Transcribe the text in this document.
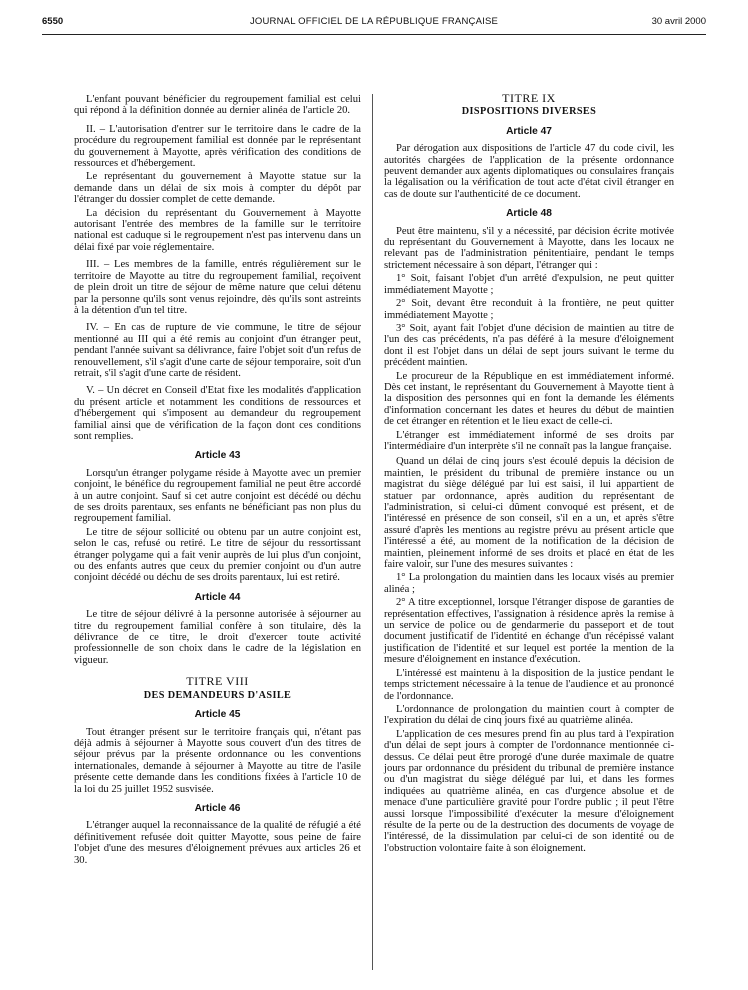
6550	JOURNAL OFFICIEL DE LA RÉPUBLIQUE FRANÇAISE	30 avril 2000

L'enfant pouvant bénéficier du regroupement familial est celui qui répond à la définition donnée au dernier alinéa de l'article 20.

II. – L'autorisation d'entrer sur le territoire dans le cadre de la procédure du regroupement familial est donnée par le représentant du gouvernement à Mayotte, après vérification des conditions de ressources et d'hébergement.

Le représentant du gouvernement à Mayotte statue sur la demande dans un délai de six mois à compter du dépôt par l'étranger du dossier complet de cette demande.

La décision du représentant du Gouvernement à Mayotte autorisant l'entrée des membres de la famille sur le territoire national est caduque si le regroupement n'est pas intervenu dans un délai fixé par voie réglementaire.

III. – Les membres de la famille, entrés régulièrement sur le territoire de Mayotte au titre du regroupement familial, reçoivent de plein droit un titre de séjour de même nature que celui détenu par la personne qu'ils sont venus rejoindre, dès qu'ils sont astreints à la détention d'un tel titre.

IV. – En cas de rupture de vie commune, le titre de séjour mentionné au III qui a été remis au conjoint d'un étranger peut, pendant l'année suivant sa délivrance, faire l'objet soit d'un refus de renouvellement, s'il s'agit d'une carte de séjour temporaire, soit d'un retrait, s'il s'agit d'une carte de résident.

V. – Un décret en Conseil d'Etat fixe les modalités d'application du présent article et notamment les conditions de ressources et d'hébergement qui s'imposent au demandeur du regroupement familial ainsi que de vérification de la façon dont ces conditions sont remplies.

Article 43

Lorsqu'un étranger polygame réside à Mayotte avec un premier conjoint, le bénéfice du regroupement familial ne peut être accordé à un autre conjoint. Sauf si cet autre conjoint est décédé ou déchu de ses droits parentaux, ses enfants ne bénéficiant pas non plus du regroupement familial.

Le titre de séjour sollicité ou obtenu par un autre conjoint est, selon le cas, refusé ou retiré. Le titre de séjour du ressortissant étranger polygame qui a fait venir auprès de lui plus d'un conjoint, ou des enfants autres que ceux du premier conjoint ou d'un autre conjoint décédé ou déchu de ses droits parentaux, lui est retiré.

Article 44

Le titre de séjour délivré à la personne autorisée à séjourner au titre du regroupement familial confère à son titulaire, dès la délivrance de ce titre, le droit d'exercer toute activité professionnelle de son choix dans le cadre de la législation en vigueur.

TITRE VIII
DES DEMANDEURS D'ASILE
Article 45

Tout étranger présent sur le territoire français qui, n'étant pas déjà admis à séjourner à Mayotte sous couvert d'un des titres de séjour prévus par la présente ordonnance ou les conventions internationales, demande à séjourner à Mayotte au titre de l'asile présente cette demande dans les conditions fixées à l'article 10 de la loi du 25 juillet 1952 susvisée.

Article 46

L'étranger auquel la reconnaissance de la qualité de réfugié a été définitivement refusée doit quitter Mayotte, sous peine de faire l'objet d'une des mesures d'éloignement prévues aux articles 26 et 30.

TITRE IX
DISPOSITIONS DIVERSES
Article 47

Par dérogation aux dispositions de l'article 47 du code civil, les autorités chargées de l'application de la présente ordonnance peuvent demander aux agents diplomatiques ou consulaires français la légalisation ou la vérification de tout acte d'état civil étranger en cas de doute sur l'authenticité de ce document.

Article 48

Peut être maintenu, s'il y a nécessité, par décision écrite motivée du représentant du Gouvernement à Mayotte, dans les locaux ne relevant pas de l'administration pénitentiaire, pendant le temps strictement nécessaire à son départ, l'étranger qui :

1° Soit, faisant l'objet d'un arrêté d'expulsion, ne peut quitter immédiatement Mayotte ;

2° Soit, devant être reconduit à la frontière, ne peut quitter immédiatement Mayotte ;

3° Soit, ayant fait l'objet d'une décision de maintien au titre de l'un des cas précédents, n'a pas déféré à la mesure d'éloignement dont il est l'objet dans un délai de sept jours suivant le terme du précédent maintien.

Le procureur de la République en est immédiatement informé. Dès cet instant, le représentant du Gouvernement à Mayotte tient à la disposition des personnes qui en font la demande les éléments d'information concernant les dates et heures du début de maintien de cet étranger en rétention et le lieu exact de celle-ci.

L'étranger est immédiatement informé de ses droits par l'intermédiaire d'un interprète s'il ne connaît pas la langue française.

Quand un délai de cinq jours s'est écoulé depuis la décision de maintien, le président du tribunal de première instance ou un magistrat du siège délégué par lui est saisi, il lui appartient de statuer par ordonnance, après audition du représentant de l'administration, si celui-ci dûment convoqué est présent, et de l'intéressé en présence de son conseil, s'il en a un, et après s'être assuré d'après les mentions au registre prévu au présent article que l'intéressé a été, au moment de la notification de la décision de maintien, pleinement informé de ses droits et placé en état de les faire valoir, sur l'une des mesures suivantes :

1° La prolongation du maintien dans les locaux visés au premier alinéa ;

2° A titre exceptionnel, lorsque l'étranger dispose de garanties de représentation effectives, l'assignation à résidence après la remise à un service de police ou de gendarmerie du passeport et de tout document justificatif de l'identité en échange d'un récépissé valant justification de l'identité et sur lequel est portée la mention de la mesure d'éloignement en instance d'exécution.

L'intéressé est maintenu à la disposition de la justice pendant le temps strictement nécessaire à la tenue de l'audience et au prononcé de l'ordonnance.

L'ordonnance de prolongation du maintien court à compter de l'expiration du délai de cinq jours fixé au quatrième alinéa.

L'application de ces mesures prend fin au plus tard à l'expiration d'un délai de sept jours à compter de l'ordonnance mentionnée ci-dessus. Ce délai peut être prorogé d'une durée maximale de quatre jours par ordonnance du président du tribunal de première instance ou d'un magistrat du siège délégué par lui, et dans les formes indiquées au quatrième alinéa, en cas d'urgence absolue et de menace d'une particulière gravité pour l'ordre public ; il peut l'être aussi lorsque l'impossibilité d'exécuter la mesure d'éloignement résulte de la perte ou de la destruction des documents de voyage de l'intéressé, de la dissimulation par celui-ci de son identité ou de l'obstruction volontaire faite à son éloignement.
